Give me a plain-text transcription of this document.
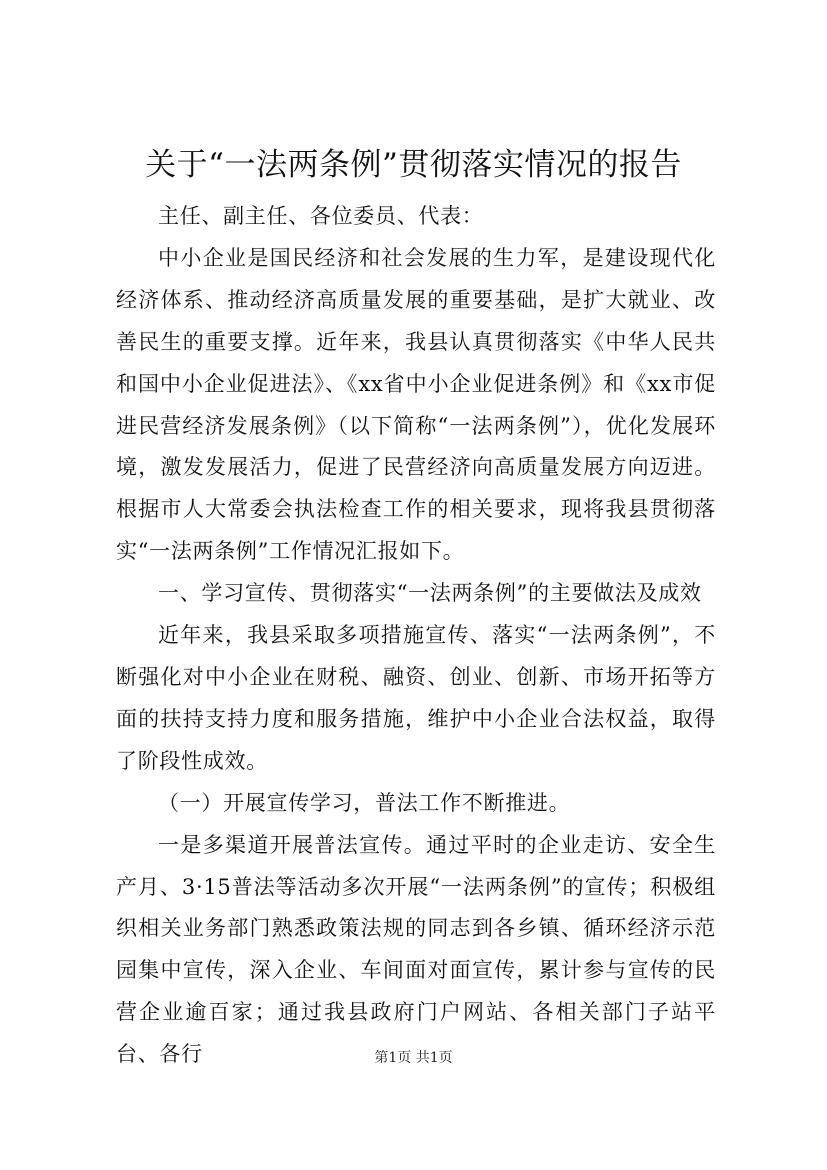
关于“一法两条例”贯彻落实情况的报告

主任、副主任、各位委员、代表：

中小企业是国民经济和社会发展的生力军，是建设现代化经济体系、推动经济高质量发展的重要基础，是扩大就业、改善民生的重要支撑。近年来，我县认真贯彻落实《中华人民共和国中小企业促进法》、《xx省中小企业促进条例》和《xx市促进民营经济发展条例》（以下简称“一法两条例”），优化发展环境，激发发展活力，促进了民营经济向高质量发展方向迈进。根据市人大常委会执法检查工作的相关要求，现将我县贯彻落实“一法两条例”工作情况汇报如下。

一、学习宣传、贯彻落实“一法两条例”的主要做法及成效

近年来，我县采取多项措施宣传、落实“一法两条例”，不断强化对中小企业在财税、融资、创业、创新、市场开拓等方面的扶持支持力度和服务措施，维护中小企业合法权益，取得了阶段性成效。

（一）开展宣传学习，普法工作不断推进。

一是多渠道开展普法宣传。通过平时的企业走访、安全生产月、3·15普法等活动多次开展“一法两条例”的宣传；积极组织相关业务部门熟悉政策法规的同志到各乡镇、循环经济示范园集中宣传，深入企业、车间面对面宣传，累计参与宣传的民营企业逾百家；通过我县政府门户网站、各相关部门子站平台、各行	第1页 共1页
